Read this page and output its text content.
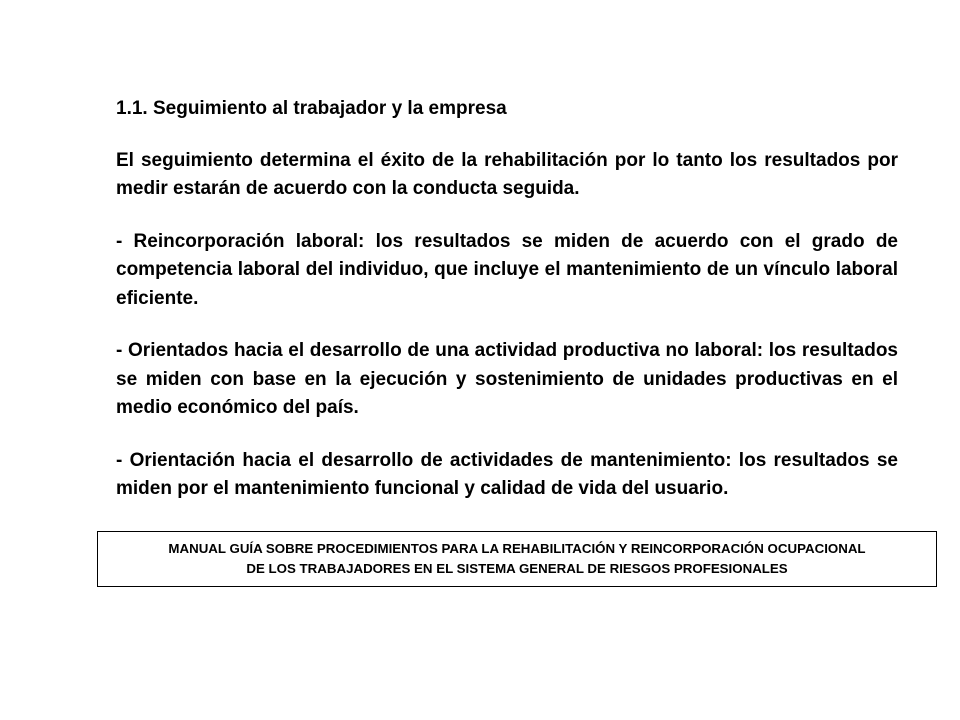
1.1. Seguimiento al trabajador y la empresa

El seguimiento determina el éxito de la rehabilitación por lo tanto los resultados por medir estarán de acuerdo con la conducta seguida.

- Reincorporación laboral: los resultados se miden de acuerdo con el grado de competencia laboral del individuo, que incluye el mantenimiento de un vínculo laboral eficiente.

- Orientados hacia el desarrollo de una actividad productiva no laboral: los resultados se miden con base en la ejecución y sostenimiento de unidades productivas en el medio económico del país.

- Orientación hacia el desarrollo de actividades de mantenimiento: los resultados se miden por el mantenimiento funcional y calidad de vida del usuario.

MANUAL GUÍA SOBRE PROCEDIMIENTOS PARA LA REHABILITACIÓN Y REINCORPORACIÓN OCUPACIONAL
DE LOS TRABAJADORES EN EL SISTEMA GENERAL DE RIESGOS PROFESIONALES
